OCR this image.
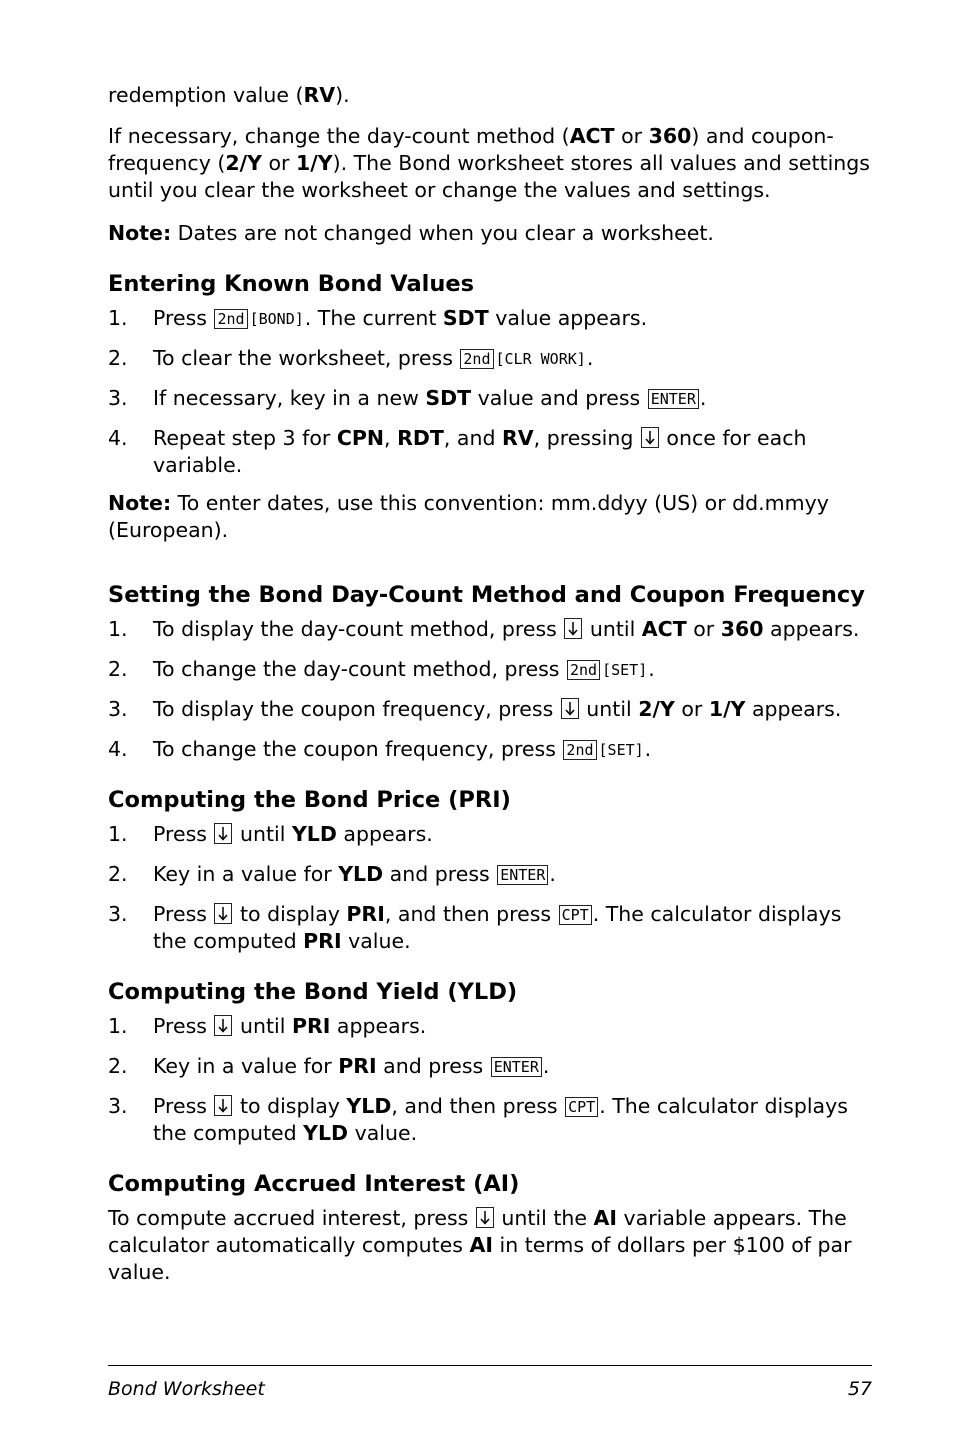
redemption value (RV).

If necessary, change the day-count method (ACT or 360) and coupon-frequency (2/Y or 1/Y). The Bond worksheet stores all values and settings until you clear the worksheet or change the values and settings.

Note: Dates are not changed when you clear a worksheet.

Entering Known Bond Values
1. Press 2nd [ BOND ] . The current SDT value appears.
2. To clear the worksheet, press 2nd [ CLR WORK ] .
3. If necessary, key in a new SDT value and press ENTER .
4. Repeat step 3 for CPN, RDT, and RV, pressing
once for each variable.

Note: To enter dates, use this convention: mm.ddyy (US) or dd.mmyy (European).

Setting the Bond Day-Count Method and Coupon Frequency
1. To display the day-count method, press
until ACT or 360 appears.
2. To change the day-count method, press 2nd [ SET ] .
3. To display the coupon frequency, press
until 2/Y or 1/Y appears.
4. To change the coupon frequency, press 2nd [ SET ] .
Computing the Bond Price (PRI)
1. Press
until YLD appears.
2. Key in a value for YLD and press ENTER .
3. Press
to display PRI, and then press CPT . The calculator displays the computed PRI value.
Computing the Bond Yield (YLD)
1. Press
until PRI appears.
2. Key in a value for PRI and press ENTER .
3. Press
to display YLD, and then press CPT . The calculator displays the computed YLD value.
Computing Accrued Interest (AI)

To compute accrued interest, press
until the AI variable appears. The calculator automatically computes AI in terms of dollars per $100 of par value.

Bond Worksheet	57
